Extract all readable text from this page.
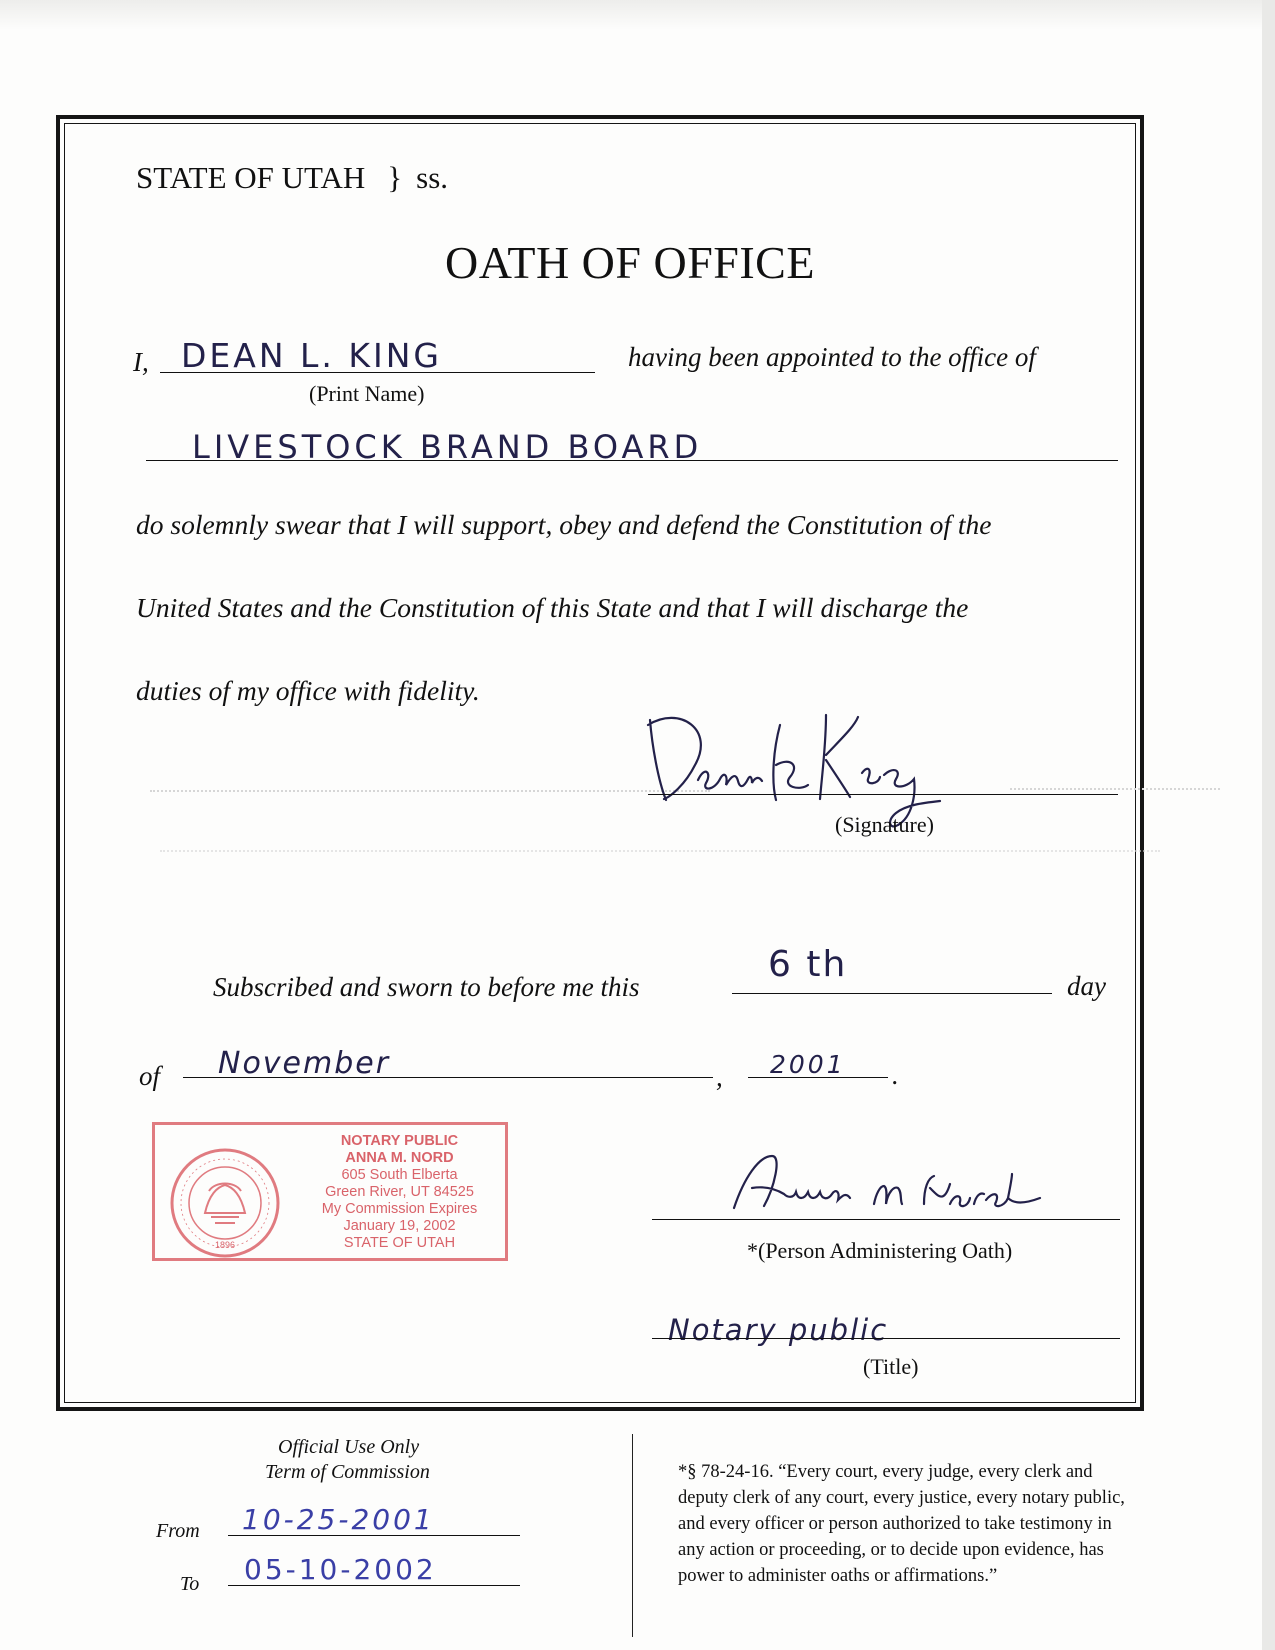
STATE OF UTAH } ss.
OATH OF OFFICE
I, DEAN L. KING
(Print Name)
having been appointed to the office of
LIVESTOCK BRAND BOARD
do solemnly swear that I will support, obey and defend the Constitution of the
United States and the Constitution of this State and that I will discharge the
duties of my office with fidelity.
(Signature)
Subscribed and sworn to before me this
6 th
day
of November	, 2001 .
1896
NOTARY PUBLIC
ANNA M. NORD
605 South Elberta
Green River, UT 84525
My Commission Expires
January 19, 2002
STATE OF UTAH	*(Person Administering Oath)
Notary public
(Title)
Official Use Only
Term of Commission
From 10-25-2001
To 05-10-2002
*§ 78-24-16. “Every court, every judge, every clerk and
deputy clerk of any court, every justice, every notary public,
and every officer or person authorized to take testimony in
any action or proceeding, or to decide upon evidence, has
power to administer oaths or affirmations.”
